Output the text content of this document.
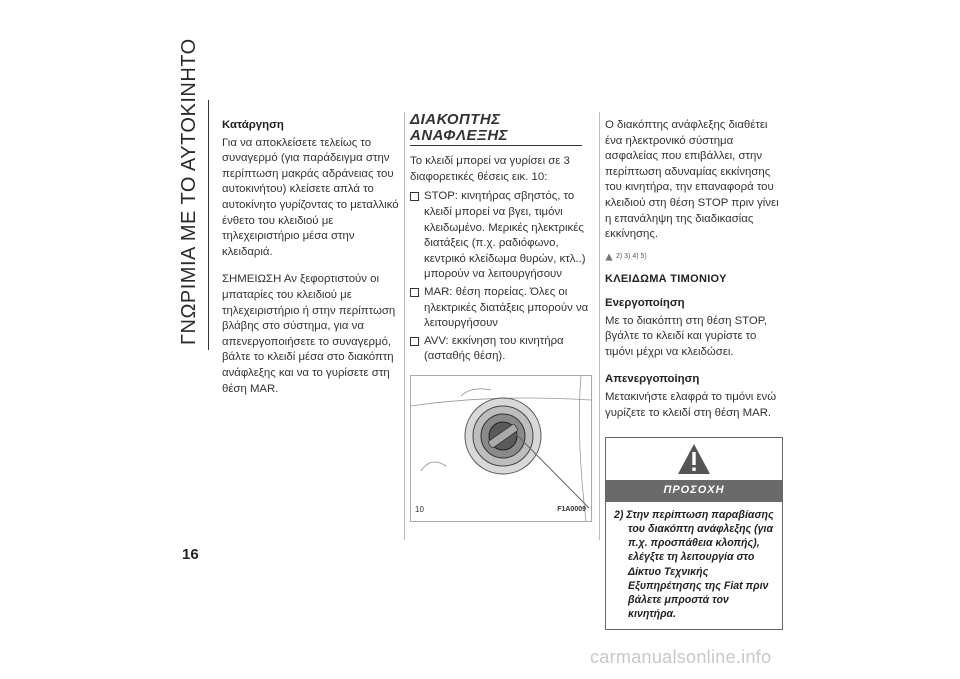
ΓΝΩΡΙΜΙΑ ΜΕ ΤΟ ΑΥΤΟΚΙΝΗΤΟ
16
Κατάργηση

Για να αποκλείσετε τελείως το συναγερμό (για παράδειγμα στην περίπτωση μακράς αδράνειας του αυτοκινήτου) κλείσετε απλά το αυτοκίνητο γυρίζοντας το μεταλλικό ένθετο του κλειδιού με τηλεχειριστήριο μέσα στην κλειδαριά.

ΣΗΜΕΙΩΣΗ Αν ξεφορτιστούν οι μπαταρίες του κλειδιού με τηλεχειριστήριο ή στην περίπτωση βλάβης στο σύστημα, για να απενεργοποιήσετε το συναγερμό, βάλτε το κλειδί μέσα στο διακόπτη ανάφλεξης και να το γυρίσετε στη θέση MAR.

ΔΙΑΚΟΠΤΗΣ ΑΝΑΦΛΕΞΗΣ

Το κλειδί μπορεί να γυρίσει σε 3 διαφορετικές θέσεις εικ. 10:

STOP: κινητήρας σβηστός, το κλειδί μπορεί να βγει, τιμόνι κλειδωμένο. Μερικές ηλεκτρικές διατάξεις (π.χ. ραδιόφωνο, κεντρικό κλείδωμα θυρών, κτλ..) μπορούν να λειτουργήσουν
MAR: θέση πορείας. Όλες οι ηλεκτρικές διατάξεις μπορούν να λειτουργήσουν
AVV: εκκίνηση του κινητήρα (ασταθής θέση).
10	F1A0009

Ο διακόπτης ανάφλεξης διαθέτει ένα ηλεκτρονικό σύστημα ασφαλείας που επιβάλλει, στην περίπτωση αδυναμίας εκκίνησης του κινητήρα, την επαναφορά του κλειδιού στη θέση STOP πριν γίνει η επανάληψη της διαδικασίας εκκίνησης.

2) 3) 4) 5)
ΚΛΕΙΔΩΜΑ ΤΙΜΟΝΙΟΥ
Ενεργοποίηση

Με το διακόπτη στη θέση STOP, βγάλτε το κλειδί και γυρίστε το τιμόνι μέχρι να κλειδώσει.

Απενεργοποίηση

Μετακινήστε ελαφρά το τιμόνι ενώ γυρίζετε το κλειδί στη θέση MAR.

ΠΡΟΣΟΧΗ
2) Στην περίπτωση παραβίασης του διακόπτη ανάφλεξης (για π.χ. προσπάθεια κλοπής), ελέγξτε τη λειτουργία στο Δίκτυο Τεχνικής Εξυπηρέτησης της Fiat πριν βάλετε μπροστά τον κινητήρα.
carmanualsonline.info
